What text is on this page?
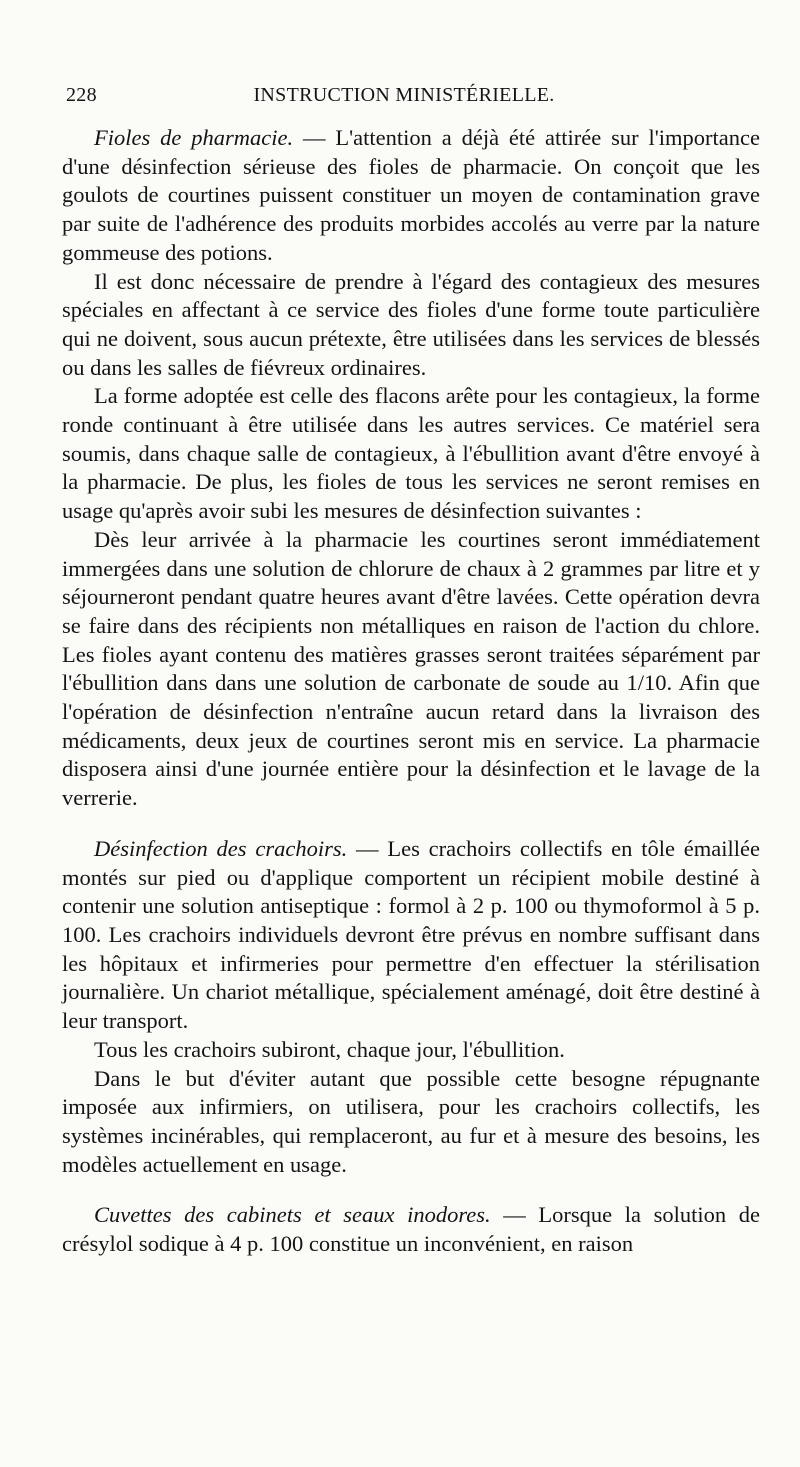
228	INSTRUCTION MINISTÉRIELLE.

Fioles de pharmacie. — L'attention a déjà été attirée sur l'importance d'une désinfection sérieuse des fioles de pharmacie. On conçoit que les goulots de courtines puissent constituer un moyen de contamination grave par suite de l'adhérence des produits morbides accolés au verre par la nature gommeuse des potions.

Il est donc nécessaire de prendre à l'égard des contagieux des mesures spéciales en affectant à ce service des fioles d'une forme toute particulière qui ne doivent, sous aucun prétexte, être utilisées dans les services de blessés ou dans les salles de fiévreux ordinaires.

La forme adoptée est celle des flacons arête pour les contagieux, la forme ronde continuant à être utilisée dans les autres services. Ce matériel sera soumis, dans chaque salle de contagieux, à l'ébullition avant d'être envoyé à la pharmacie. De plus, les fioles de tous les services ne seront remises en usage qu'après avoir subi les mesures de désinfection suivantes :

Dès leur arrivée à la pharmacie les courtines seront immédiatement immergées dans une solution de chlorure de chaux à 2 grammes par litre et y séjourneront pendant quatre heures avant d'être lavées. Cette opération devra se faire dans des récipients non métalliques en raison de l'action du chlore. Les fioles ayant contenu des matières grasses seront traitées séparément par l'ébullition dans dans une solution de carbonate de soude au 1/10. Afin que l'opération de désinfection n'entraîne aucun retard dans la livraison des médicaments, deux jeux de courtines seront mis en service. La pharmacie disposera ainsi d'une journée entière pour la désinfection et le lavage de la verrerie.

Désinfection des crachoirs. — Les crachoirs collectifs en tôle émaillée montés sur pied ou d'applique comportent un récipient mobile destiné à contenir une solution antiseptique : formol à 2 p. 100 ou thymoformol à 5 p. 100. Les crachoirs individuels devront être prévus en nombre suffisant dans les hôpitaux et infirmeries pour permettre d'en effectuer la stérilisation journalière. Un chariot métallique, spécialement aménagé, doit être destiné à leur transport.

Tous les crachoirs subiront, chaque jour, l'ébullition.

Dans le but d'éviter autant que possible cette besogne répugnante imposée aux infirmiers, on utilisera, pour les crachoirs collectifs, les systèmes incinérables, qui remplaceront, au fur et à mesure des besoins, les modèles actuellement en usage.

Cuvettes des cabinets et seaux inodores. — Lorsque la solution de crésylol sodique à 4 p. 100 constitue un inconvénient, en raison
